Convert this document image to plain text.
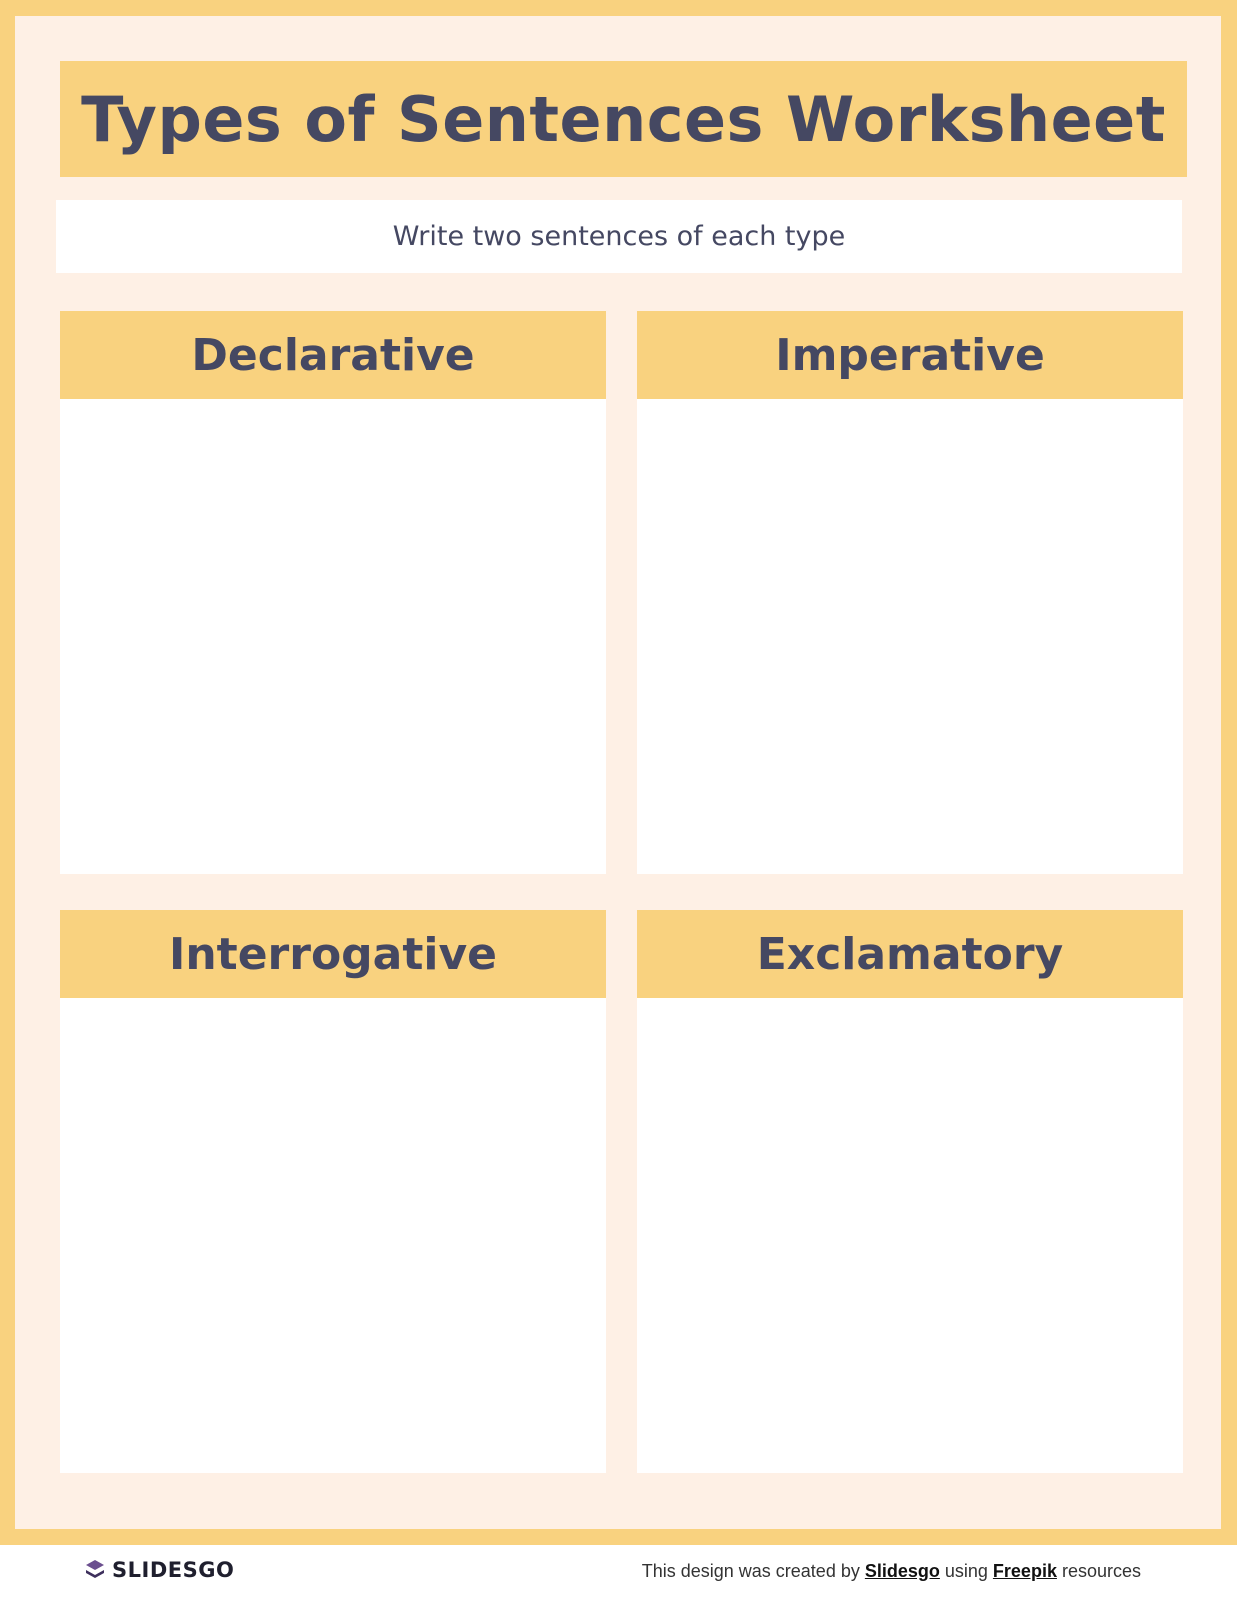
Types of Sentences Worksheet
Write two sentences of each type
Declarative	Imperative
Interrogative	Exclamatory
SLIDESGO	This design was created by Slidesgo using Freepik resources
